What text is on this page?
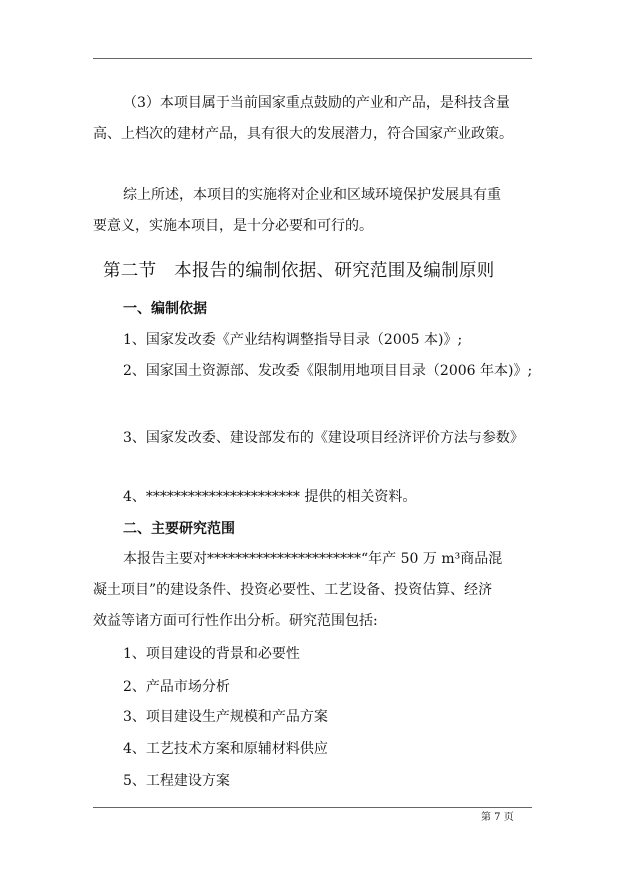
（3）本项目属于当前国家重点鼓励的产业和产品，是科技含量
高、上档次的建材产品，具有很大的发展潜力，符合国家产业政策。
综上所述，本项目的实施将对企业和区域环境保护发展具有重
要意义，实施本项目，是十分必要和可行的。
第二节　本报告的编制依据、研究范围及编制原则
一、编制依据
1、国家发改委《产业结构调整指导目录（2005 本)》;
2、国家国土资源部、发改委《限制用地项目目录（2006 年本)》;
3、国家发改委、建设部发布的《建设项目经济评价方法与参数》
4、********************** 提供的相关资料。
二、主要研究范围
本报告主要对**********************“年产 50 万 m³商品混
凝土项目”的建设条件、投资必要性、工艺设备、投资估算、经济
效益等诸方面可行性作出分析。研究范围包括:
1、项目建设的背景和必要性
2、产品市场分析
3、项目建设生产规模和产品方案
4、工艺技术方案和原辅材料供应
5、工程建设方案
第 7 页
